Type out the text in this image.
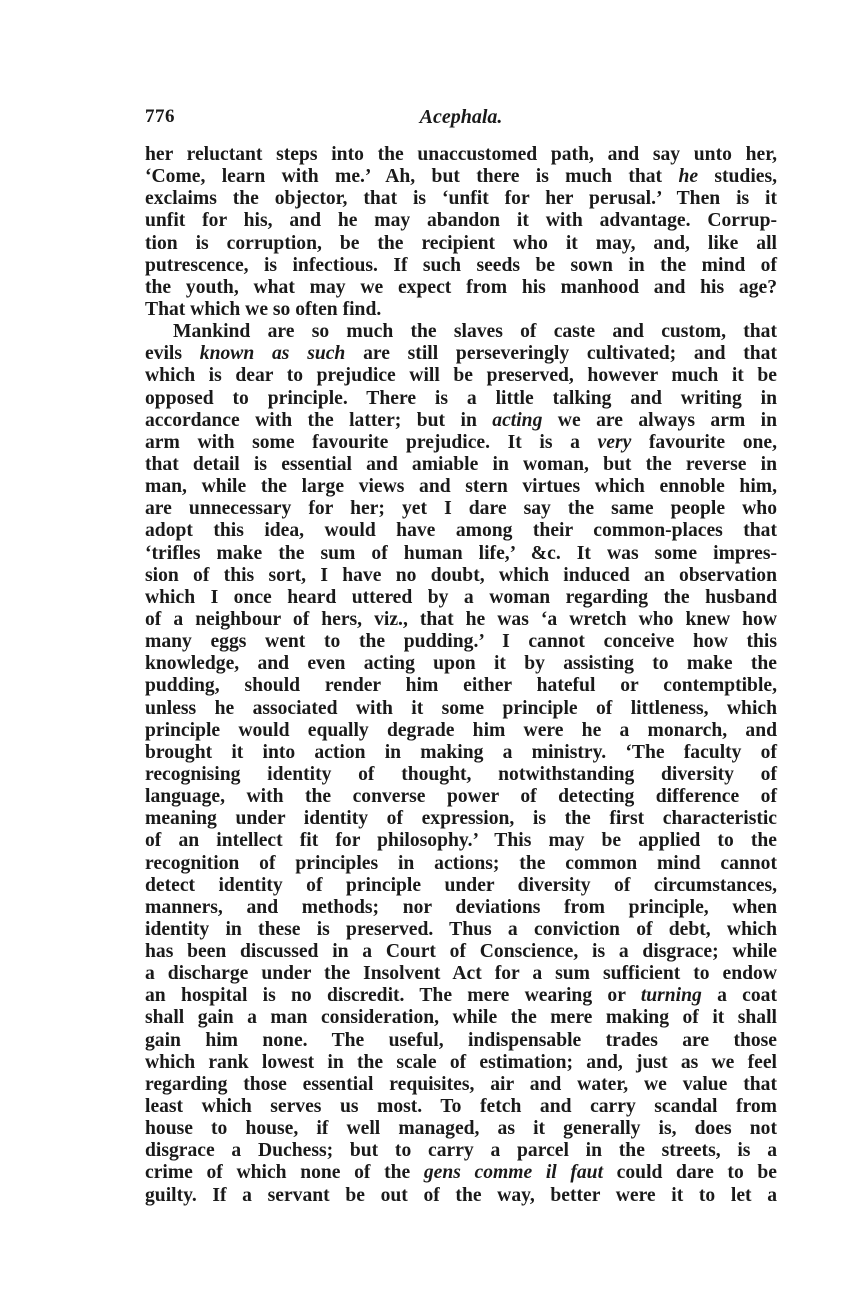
776	Acephala.
her reluctant steps into the unaccustomed path, and say unto her,
‘Come, learn with me.’ Ah, but there is much that he studies,
exclaims the objector, that is ‘unfit for her perusal.’ Then is it
unfit for his, and he may abandon it with advantage. Corrup-
tion is corruption, be the recipient who it may, and, like all
putrescence, is infectious. If such seeds be sown in the mind of
the youth, what may we expect from his manhood and his age?
That which we so often find.
Mankind are so much the slaves of caste and custom, that
evils known as such are still perseveringly cultivated; and that
which is dear to prejudice will be preserved, however much it be
opposed to principle. There is a little talking and writing in
accordance with the latter; but in acting we are always arm in
arm with some favourite prejudice. It is a very favourite one,
that detail is essential and amiable in woman, but the reverse in
man, while the large views and stern virtues which ennoble him,
are unnecessary for her; yet I dare say the same people who
adopt this idea, would have among their common-places that
‘trifles make the sum of human life,’ &c. It was some impres-
sion of this sort, I have no doubt, which induced an observation
which I once heard uttered by a woman regarding the husband
of a neighbour of hers, viz., that he was ‘a wretch who knew how
many eggs went to the pudding.’ I cannot conceive how this
knowledge, and even acting upon it by assisting to make the
pudding, should render him either hateful or contemptible,
unless he associated with it some principle of littleness, which
principle would equally degrade him were he a monarch, and
brought it into action in making a ministry. ‘The faculty of
recognising identity of thought, notwithstanding diversity of
language, with the converse power of detecting difference of
meaning under identity of expression, is the first characteristic
of an intellect fit for philosophy.’ This may be applied to the
recognition of principles in actions; the common mind cannot
detect identity of principle under diversity of circumstances,
manners, and methods; nor deviations from principle, when
identity in these is preserved. Thus a conviction of debt, which
has been discussed in a Court of Conscience, is a disgrace; while
a discharge under the Insolvent Act for a sum sufficient to endow
an hospital is no discredit. The mere wearing or turning a coat
shall gain a man consideration, while the mere making of it shall
gain him none. The useful, indispensable trades are those
which rank lowest in the scale of estimation; and, just as we feel
regarding those essential requisites, air and water, we value that
least which serves us most. To fetch and carry scandal from
house to house, if well managed, as it generally is, does not
disgrace a Duchess; but to carry a parcel in the streets, is a
crime of which none of the gens comme il faut could dare to be
guilty. If a servant be out of the way, better were it to let a
